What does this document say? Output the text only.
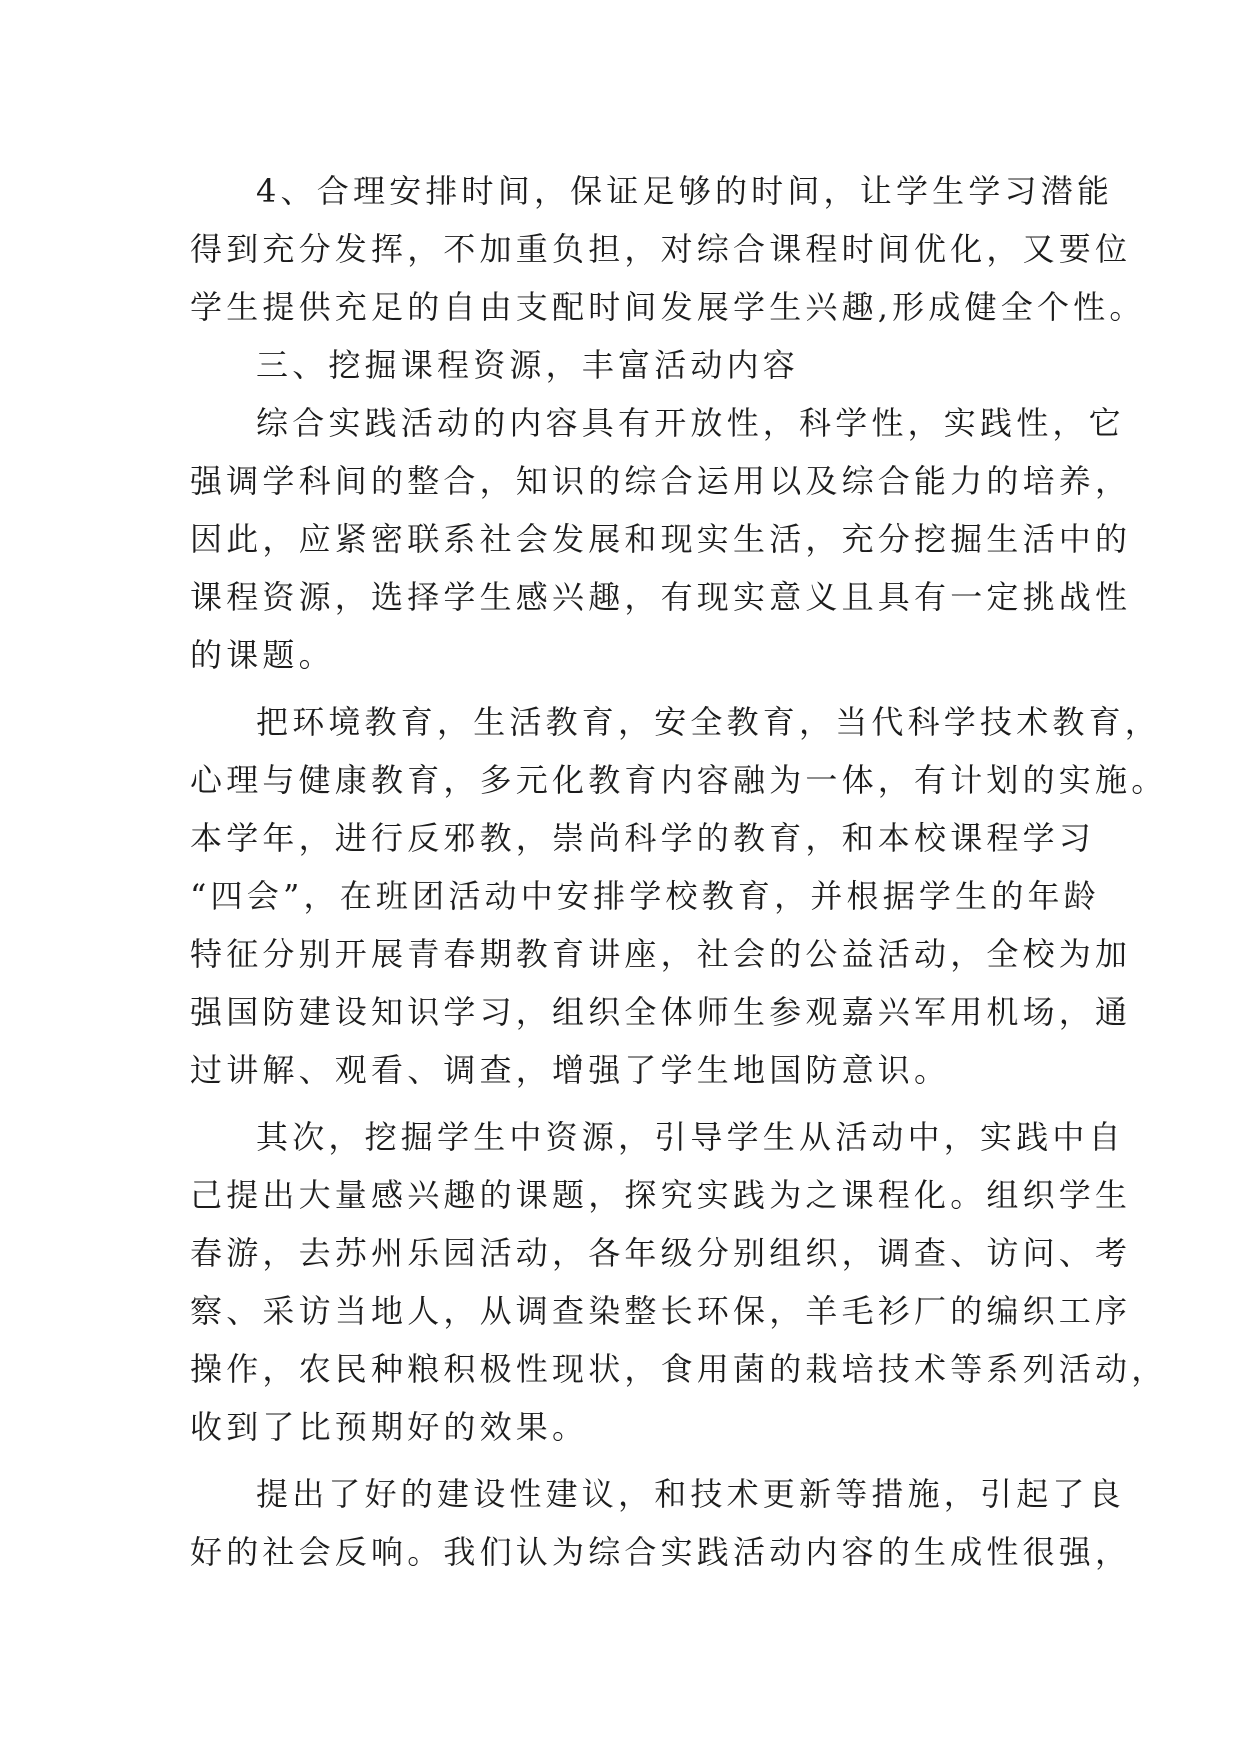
4、合理安排时间，保证足够的时间，让学生学习潜能
得到充分发挥，不加重负担，对综合课程时间优化，又要位
学生提供充足的自由支配时间发展学生兴趣,形成健全个性。
三、挖掘课程资源，丰富活动内容
综合实践活动的内容具有开放性，科学性，实践性，它
强调学科间的整合，知识的综合运用以及综合能力的培养，
因此，应紧密联系社会发展和现实生活，充分挖掘生活中的
课程资源，选择学生感兴趣，有现实意义且具有一定挑战性
的课题。
把环境教育，生活教育，安全教育，当代科学技术教育，
心理与健康教育，多元化教育内容融为一体，有计划的实施。
本学年，进行反邪教，崇尚科学的教育，和本校课程学习
“四会”，在班团活动中安排学校教育，并根据学生的年龄
特征分别开展青春期教育讲座，社会的公益活动，全校为加
强国防建设知识学习，组织全体师生参观嘉兴军用机场，通
过讲解、观看、调查，增强了学生地国防意识。
其次，挖掘学生中资源，引导学生从活动中，实践中自
己提出大量感兴趣的课题，探究实践为之课程化。组织学生
春游，去苏州乐园活动，各年级分别组织，调查、访问、考
察、采访当地人，从调查染整长环保，羊毛衫厂的编织工序
操作，农民种粮积极性现状，食用菌的栽培技术等系列活动，
收到了比预期好的效果。
提出了好的建设性建议，和技术更新等措施，引起了良
好的社会反响。我们认为综合实践活动内容的生成性很强，
